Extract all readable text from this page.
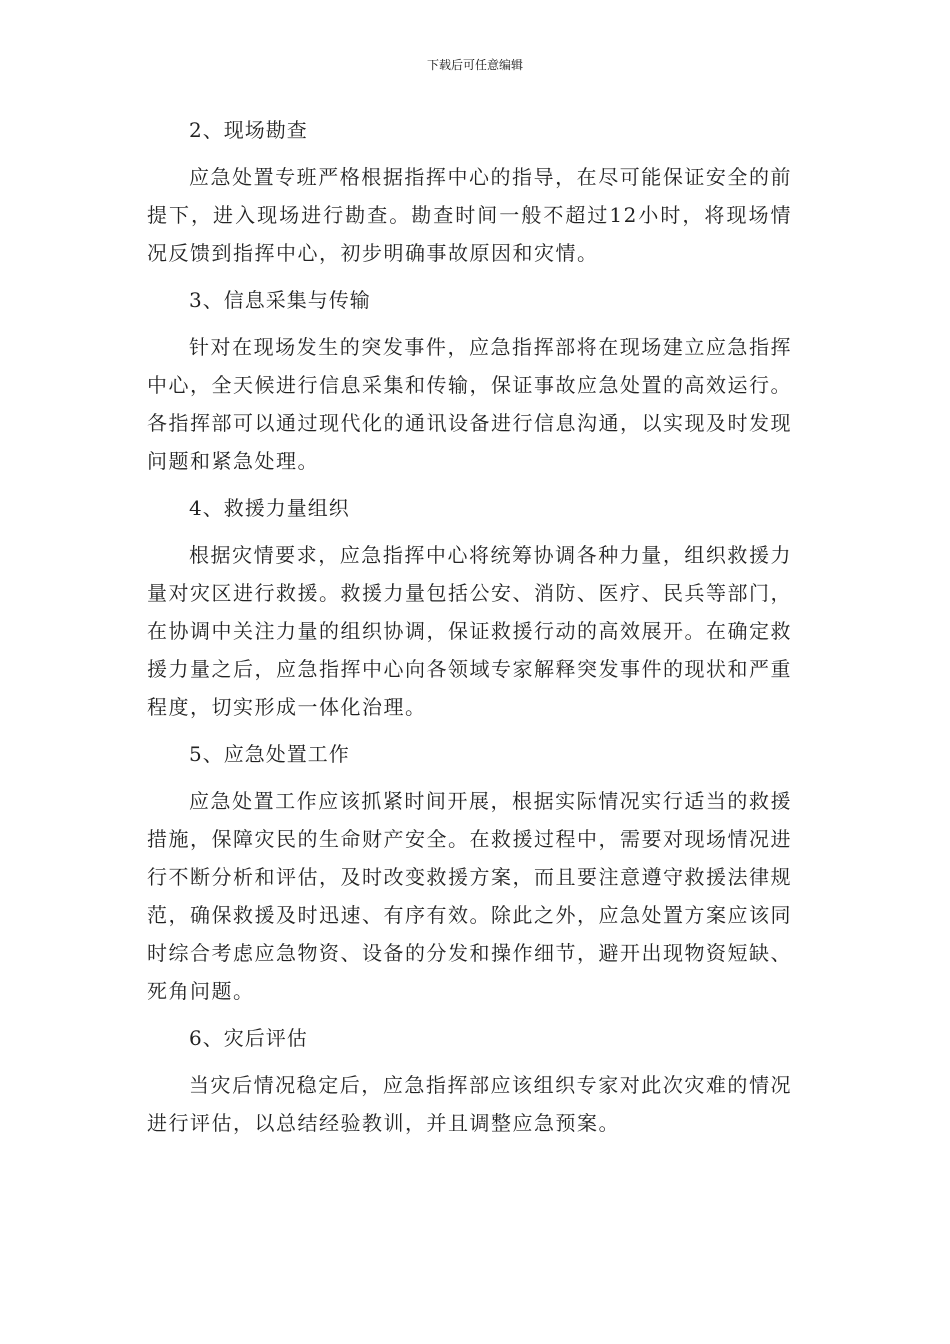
下载后可任意编辑

2、现场勘查

应急处置专班严格根据指挥中心的指导，在尽可能保证安全的前提下，进入现场进行勘查。勘查时间一般不超过12小时，将现场情况反馈到指挥中心，初步明确事故原因和灾情。

3、信息采集与传输

针对在现场发生的突发事件，应急指挥部将在现场建立应急指挥中心，全天候进行信息采集和传输，保证事故应急处置的高效运行。各指挥部可以通过现代化的通讯设备进行信息沟通，以实现及时发现问题和紧急处理。

4、救援力量组织

根据灾情要求，应急指挥中心将统筹协调各种力量，组织救援力量对灾区进行救援。救援力量包括公安、消防、医疗、民兵等部门，在协调中关注力量的组织协调，保证救援行动的高效展开。在确定救援力量之后，应急指挥中心向各领域专家解释突发事件的现状和严重程度，切实形成一体化治理。

5、应急处置工作

应急处置工作应该抓紧时间开展，根据实际情况实行适当的救援措施，保障灾民的生命财产安全。在救援过程中，需要对现场情况进行不断分析和评估，及时改变救援方案，而且要注意遵守救援法律规范，确保救援及时迅速、有序有效。除此之外，应急处置方案应该同时综合考虑应急物资、设备的分发和操作细节，避开出现物资短缺、死角问题。

6、灾后评估

当灾后情况稳定后，应急指挥部应该组织专家对此次灾难的情况进行评估，以总结经验教训，并且调整应急预案。
